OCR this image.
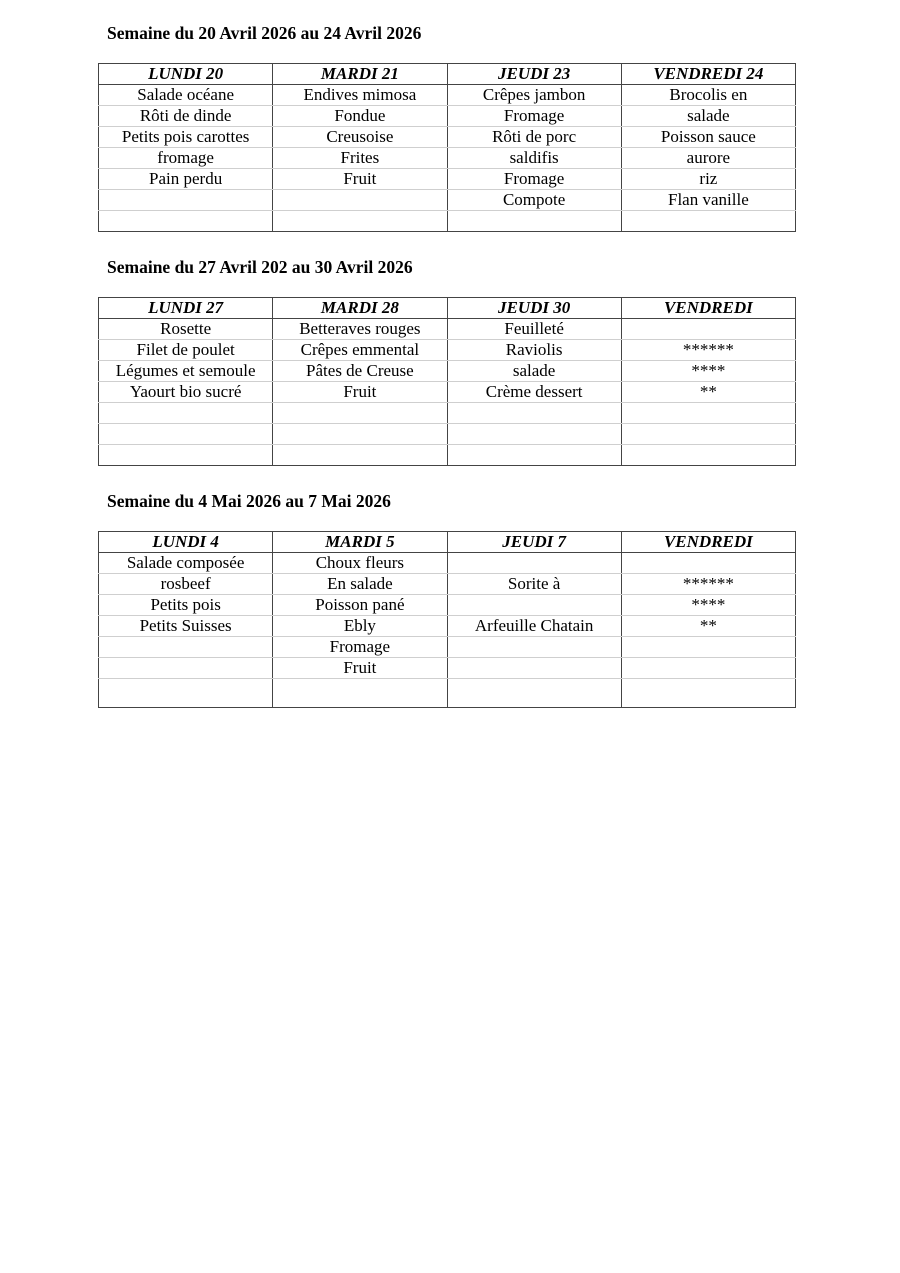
Semaine du 20 Avril 2026 au 24 Avril 2026
LUNDI 20	MARDI 21	JEUDI 23	VENDREDI 24
Salade océane	Endives mimosa	Crêpes jambon	Brocolis en
Rôti de dinde	Fondue	Fromage	salade
Petits pois carottes	Creusoise	Rôti de porc	Poisson sauce
fromage	Frites	saldifis	aurore
Pain perdu	Fruit	Fromage	riz
		Compote	Flan vanille

Semaine du 27 Avril 202 au 30 Avril 2026
LUNDI 27	MARDI 28	JEUDI 30	VENDREDI
Rosette	Betteraves rouges	Feuilleté	
Filet de poulet	Crêpes emmental	Raviolis	******
Légumes et semoule	Pâtes de Creuse	salade	****
Yaourt bio sucré	Fruit	Crème dessert	**

Semaine du 4 Mai 2026 au 7 Mai 2026
LUNDI 4	MARDI 5	JEUDI 7	VENDREDI
Salade composée	Choux fleurs		
rosbeef	En salade	Sorite à	******
Petits pois	Poisson pané		****
Petits Suisses	Ebly	Arfeuille Chatain	**
	Fromage		
	Fruit		
